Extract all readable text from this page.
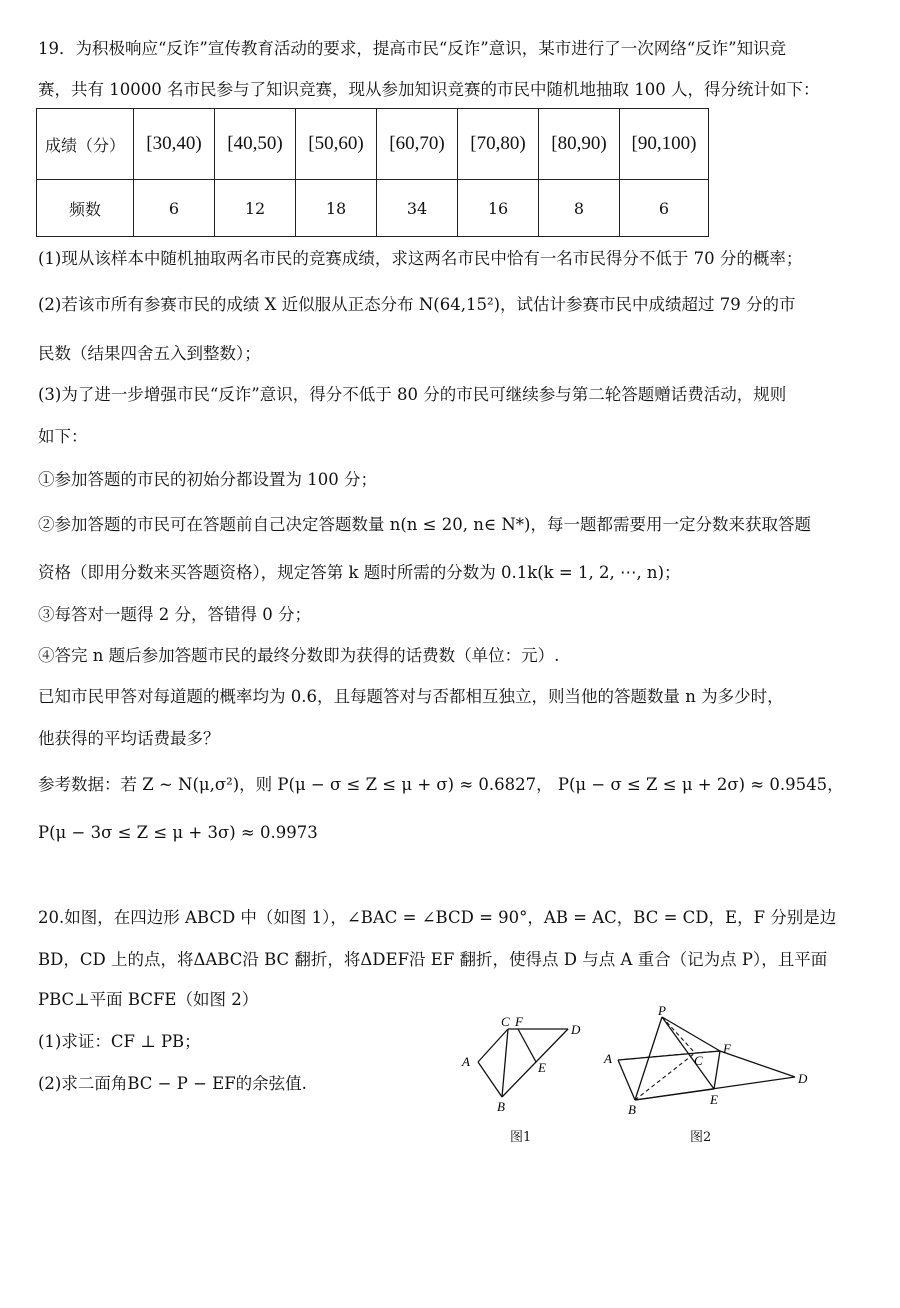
19．为积极响应“反诈”宣传教育活动的要求，提高市民“反诈”意识，某市进行了一次网络“反诈”知识竞
赛，共有 10000 名市民参与了知识竞赛，现从参加知识竞赛的市民中随机地抽取 100 人，得分统计如下：
成绩（分）	[30,40)	[40,50)	[50,60)	[60,70)	[70,80)	[80,90)	[90,100)
频数	6	12	18	34	16	8	6
(1)现从该样本中随机抽取两名市民的竞赛成绩，求这两名市民中恰有一名市民得分不低于 70 分的概率；
(2)若该市所有参赛市民的成绩 X 近似服从正态分布 N(64,15²)，试估计参赛市民中成绩超过 79 分的市
民数（结果四舍五入到整数）；
(3)为了进一步增强市民“反诈”意识，得分不低于 80 分的市民可继续参与第二轮答题赠话费活动，规则
如下：
①参加答题的市民的初始分都设置为 100 分；
②参加答题的市民可在答题前自己决定答题数量 n(n ≤ 20, n∈ N*)，每一题都需要用一定分数来获取答题
资格（即用分数来买答题资格），规定答第 k 题时所需的分数为 0.1k(k = 1, 2, ⋯, n)；
③每答对一题得 2 分，答错得 0 分；
④答完 n 题后参加答题市民的最终分数即为获得的话费数（单位：元）.
已知市民甲答对每道题的概率均为 0.6，且每题答对与否都相互独立，则当他的答题数量 n 为多少时，
他获得的平均话费最多？
参考数据：若 Z ~ N(μ,σ²)，则 P(μ − σ ≤ Z ≤ μ + σ) ≈ 0.6827， P(μ − σ ≤ Z ≤ μ + 2σ) ≈ 0.9545，
P(μ − 3σ ≤ Z ≤ μ + 3σ) ≈ 0.9973
20.如图，在四边形 ABCD 中（如图 1），∠BAC = ∠BCD = 90°，AB = AC，BC = CD，E，F 分别是边
BD，CD 上的点，将ΔABC沿 BC 翻折，将ΔDEF沿 EF 翻折，使得点 D 与点 A 重合（记为点 P），且平面
PBC⊥平面 BCFE（如图 2）
(1)求证：CF ⊥ PB；
(2)求二面角BC − P − EF的余弦值.
C F
D
A	E
B
图1
P
A	C
F
D
B
E
图2
